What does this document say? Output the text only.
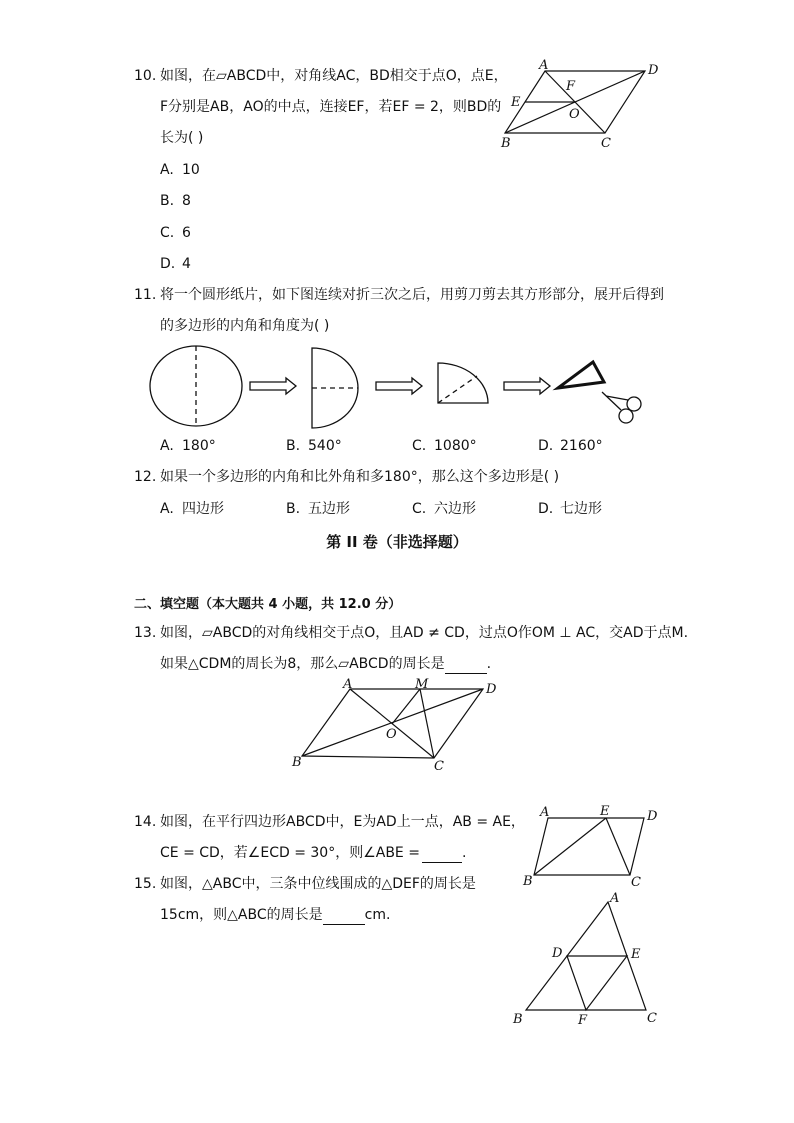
10. 如图，在▱ABCD中，对角线AC，BD相交于点O，点E，
F分别是AB，AO的中点，连接EF，若EF = 2，则BD的
长为( )
A. 10
B. 8
C. 6
D. 4
A	D
E
F
O
B	C
11. 将一个圆形纸片，如下图连续对折三次之后，用剪刀剪去其方形部分，展开后得到
的多边形的内角和角度为( )
A. 180°	B. 540°	C. 1080°	D. 2160°
12. 如果一个多边形的内角和比外角和多180°，那么这个多边形是( )
A. 四边形	B. 五边形	C. 六边形	D. 七边形
第 II 卷（非选择题）
二、填空题（本大题共 4 小题，共 12.0 分）
13. 如图，▱ABCD的对角线相交于点O，且AD ≠ CD，过点O作OM ⊥ AC，交AD于点M.
如果△CDM的周长为8，那么▱ABCD的周长是	.
A	M	D
O
B	C
14. 如图，在平行四边形ABCD中，E为AD上一点，AB = AE，
CE = CD，若∠ECD = 30°，则∠ABE =	.
A	E	D
B	C
15. 如图，△ABC中，三条中位线围成的△DEF的周长是
15cm，则△ABC的周长是	cm.
A
D	E
B	F	C
